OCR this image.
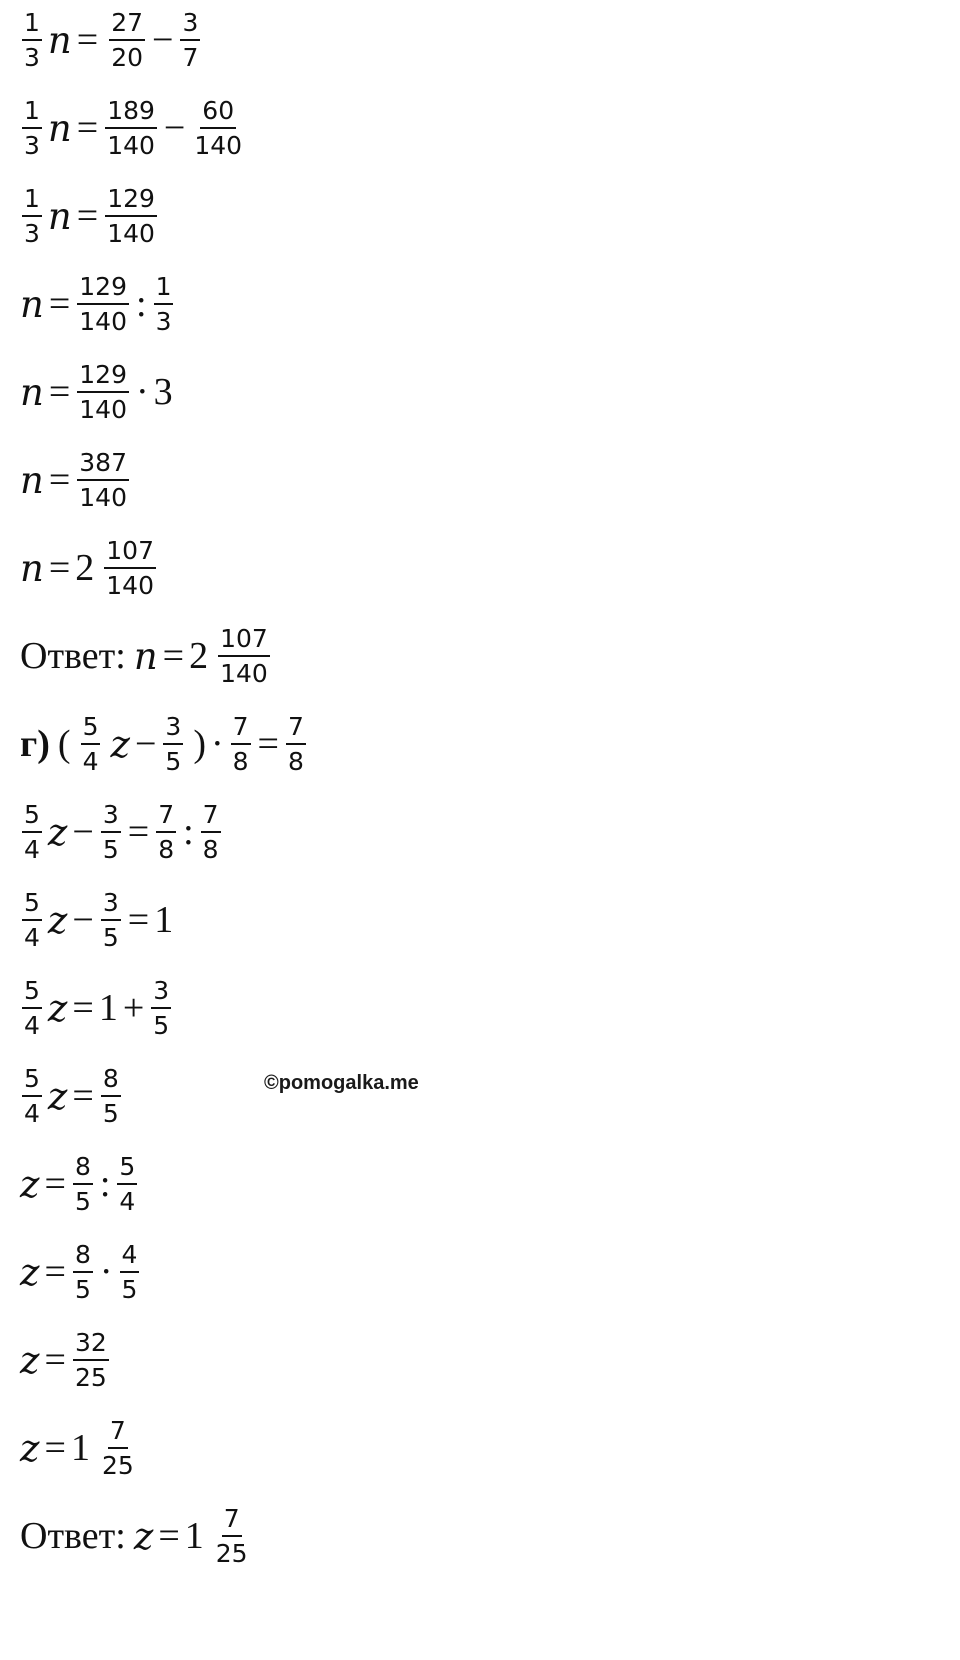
$\frac{1}{3}$ $n = \frac{27}{20} - \frac{3}{7}$
$\frac{1}{3}$ $n = \frac{189}{140} - \frac{60}{140}$
$\frac{1}{3}$ $n = \frac{129}{140}$
$n = \frac{129}{140}$ : $\frac{1}{3}$
$n = \frac{129}{140} \cdot 3$
$n = \frac{387}{140}$
$n = 2 \frac{107}{140}$
Ответ: $n = 2 \frac{107}{140}$
г) ( $\frac{5}{4}$ $z - \frac{3}{5}$ ) · $\frac{7}{8} = \frac{7}{8}$
$\frac{5}{4}$ $z - \frac{3}{5} = \frac{7}{8}$ : $\frac{7}{8}$
$\frac{5}{4}$ $z - \frac{3}{5} = 1$
$\frac{5}{4}$ $z = 1 + \frac{3}{5}$
©pomogalka.me
$\frac{5}{4}$ $z = \frac{8}{5}$
$z = \frac{8}{5}$ : $\frac{5}{4}$
$z = \frac{8}{5} \cdot \frac{4}{5}$
$z = \frac{32}{25}$
$z = 1 \frac{7}{25}$
Ответ: $z = 1 \frac{7}{25}$
